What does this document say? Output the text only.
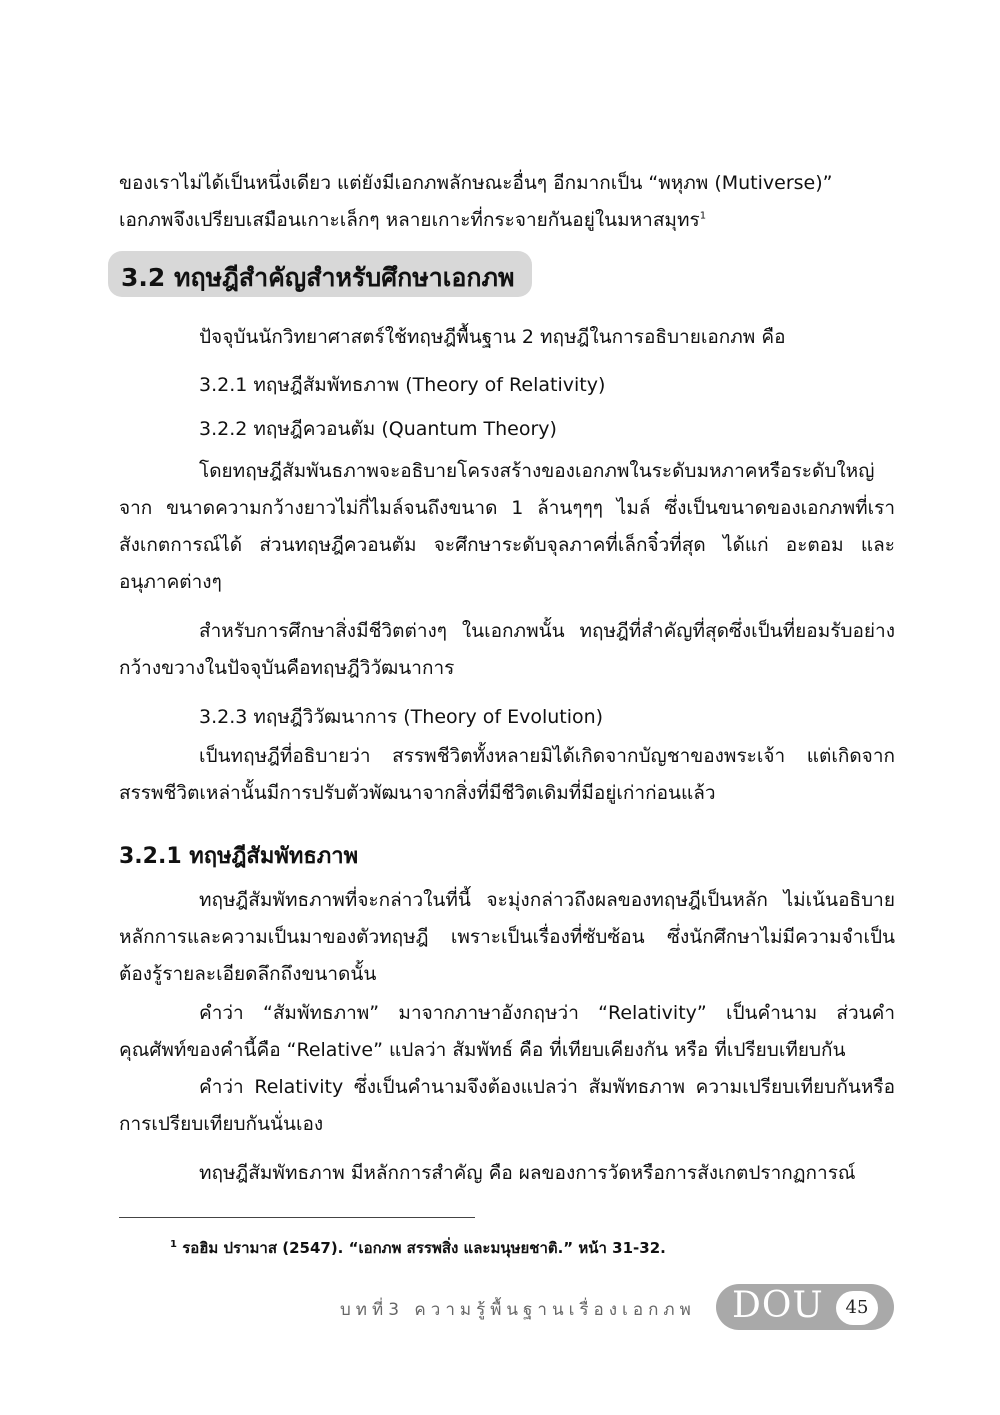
ของเราไม่ได้เป็นหนึ่งเดียว แต่ยังมีเอกภพลักษณะอื่นๆ อีกมากเป็น “พหุภพ (Mutiverse)”
เอกภพจึงเปรียบเสมือนเกาะเล็กๆ หลายเกาะที่กระจายกันอยู่ในมหาสมุทร$^1$
3.2 ทฤษฎีสำคัญสำหรับศึกษาเอกภพ
ปัจจุบันนักวิทยาศาสตร์ใช้ทฤษฎีพื้นฐาน 2 ทฤษฎีในการอธิบายเอกภพ คือ
3.2.1 ทฤษฎีสัมพัทธภาพ (Theory of Relativity)
3.2.2 ทฤษฎีควอนตัม (Quantum Theory)
โดยทฤษฎีสัมพันธภาพจะอธิบายโครงสร้างของเอกภพในระดับมหภาคหรือระดับใหญ่จาก ขนาดความกว้างยาวไม่กี่ไมล์จนถึงขนาด 1 ล้านๆๆๆ ไมล์ ซึ่งเป็นขนาดของเอกภพที่เราสังเกตการณ์ได้ ส่วนทฤษฎีควอนตัม จะศึกษาระดับจุลภาคที่เล็กจิ๋วที่สุด ได้แก่ อะตอม และอนุภาคต่างๆ
สำหรับการศึกษาสิ่งมีชีวิตต่างๆ ในเอกภพนั้น ทฤษฎีที่สำคัญที่สุดซึ่งเป็นที่ยอมรับอย่างกว้างขวางในปัจจุบันคือทฤษฎีวิวัฒนาการ
3.2.3 ทฤษฎีวิวัฒนาการ (Theory of Evolution)
เป็นทฤษฎีที่อธิบายว่า สรรพชีวิตทั้งหลายมิได้เกิดจากบัญชาของพระเจ้า แต่เกิดจากสรรพชีวิตเหล่านั้นมีการปรับตัวพัฒนาจากสิ่งที่มีชีวิตเดิมที่มีอยู่เก่าก่อนแล้ว
3.2.1 ทฤษฎีสัมพัทธภาพ
ทฤษฎีสัมพัทธภาพที่จะกล่าวในที่นี้ จะมุ่งกล่าวถึงผลของทฤษฎีเป็นหลัก ไม่เน้นอธิบายหลักการและความเป็นมาของตัวทฤษฎี เพราะเป็นเรื่องที่ซับซ้อน ซึ่งนักศึกษาไม่มีความจำเป็นต้องรู้รายละเอียดลึกถึงขนาดนั้น
คำว่า “สัมพัทธภาพ” มาจากภาษาอังกฤษว่า “Relativity” เป็นคำนาม ส่วนคำคุณศัพท์ของคำนี้คือ “Relative” แปลว่า สัมพัทธ์ คือ ที่เทียบเคียงกัน หรือ ที่เปรียบเทียบกัน
คำว่า Relativity ซึ่งเป็นคำนามจึงต้องแปลว่า สัมพัทธภาพ ความเปรียบเทียบกันหรือ การเปรียบเทียบกันนั่นเอง
ทฤษฎีสัมพัทธภาพ มีหลักการสำคัญ คือ ผลของการวัดหรือการสังเกตปรากฏการณ์
$^1$ รอฮิม ปรามาส (2547). “เอกภพ สรรพสิ่ง และมนุษยชาติ.” หน้า 31-32.
บทที่3 ความรู้พื้นฐานเรื่องเอกภพ DOU	45
